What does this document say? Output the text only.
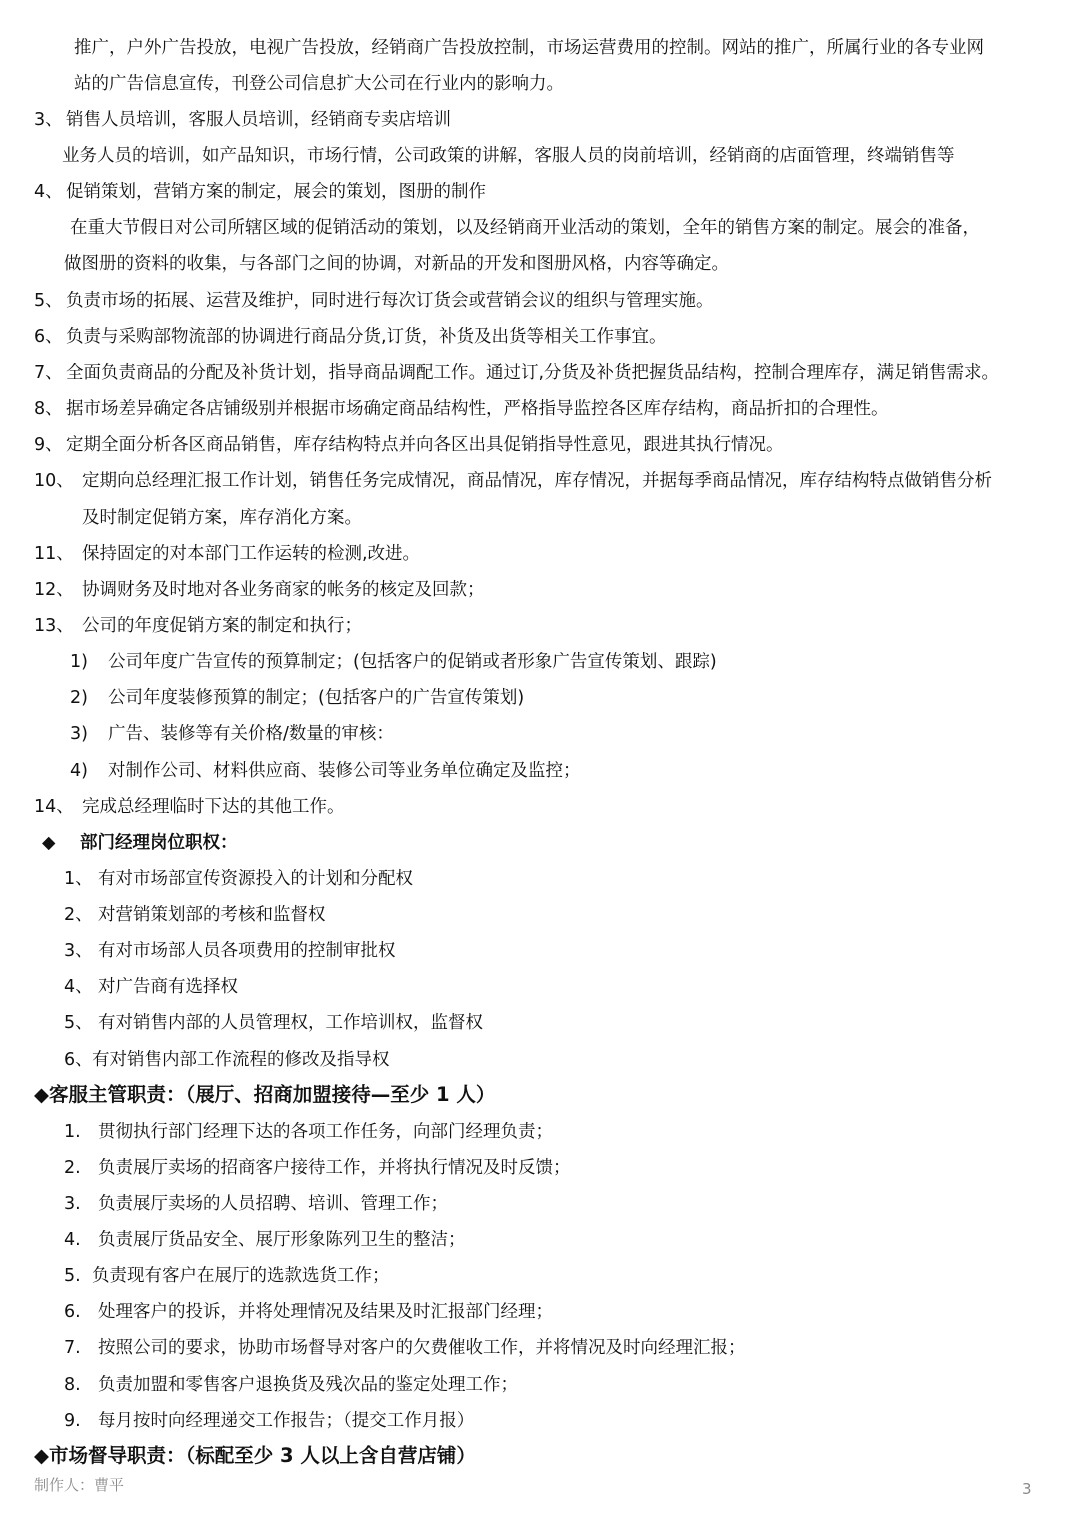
推广，户外广告投放，电视广告投放，经销商广告投放控制，市场运营费用的控制。网站的推广，所属行业的各专业网
站的广告信息宣传，刊登公司信息扩大公司在行业内的影响力。
3、 销售人员培训，客服人员培训，经销商专卖店培训
业务人员的培训，如产品知识，市场行情，公司政策的讲解，客服人员的岗前培训，经销商的店面管理，终端销售等
4、 促销策划，营销方案的制定，展会的策划，图册的制作
在重大节假日对公司所辖区域的促销活动的策划，以及经销商开业活动的策划，全年的销售方案的制定。展会的准备，
做图册的资料的收集，与各部门之间的协调，对新品的开发和图册风格，内容等确定。
5、 负责市场的拓展、运营及维护，同时进行每次订货会或营销会议的组织与管理实施。
6、 负责与采购部物流部的协调进行商品分货,订货，补货及出货等相关工作事宜。
7、 全面负责商品的分配及补货计划，指导商品调配工作。通过订,分货及补货把握货品结构，控制合理库存，满足销售需求。
8、 据市场差异确定各店铺级别并根据市场确定商品结构性，严格指导监控各区库存结构，商品折扣的合理性。
9、 定期全面分析各区商品销售，库存结构特点并向各区出具促销指导性意见，跟进其执行情况。
10、 定期向总经理汇报工作计划，销售任务完成情况，商品情况，库存情况，并据每季商品情况，库存结构特点做销售分析
及时制定促销方案，库存消化方案。
11、 保持固定的对本部门工作运转的检测,改进。
12、 协调财务及时地对各业务商家的帐务的核定及回款；
13、 公司的年度促销方案的制定和执行；
1) 公司年度广告宣传的预算制定；(包括客户的促销或者形象广告宣传策划、跟踪)
2) 公司年度装修预算的制定；(包括客户的广告宣传策划)
3) 广告、装修等有关价格/数量的审核：
4) 对制作公司、材料供应商、装修公司等业务单位确定及监控；
14、 完成总经理临时下达的其他工作。
◆ 部门经理岗位职权：
1、 有对市场部宣传资源投入的计划和分配权
2、 对营销策划部的考核和监督权
3、 有对市场部人员各项费用的控制审批权
4、 对广告商有选择权
5、 有对销售内部的人员管理权，工作培训权，监督权
6、有对销售内部工作流程的修改及指导权
◆客服主管职责：（展厅、招商加盟接待—至少 1 人）
1. 贯彻执行部门经理下达的各项工作任务，向部门经理负责；
2. 负责展厅卖场的招商客户接待工作，并将执行情况及时反馈；
3. 负责展厅卖场的人员招聘、培训、管理工作；
4. 负责展厅货品安全、展厅形象陈列卫生的整洁；
5. 负责现有客户在展厅的选款选货工作；
6. 处理客户的投诉，并将处理情况及结果及时汇报部门经理；
7. 按照公司的要求，协助市场督导对客户的欠费催收工作，并将情况及时向经理汇报；
8. 负责加盟和零售客户退换货及残次品的鉴定处理工作；
9. 每月按时向经理递交工作报告；（提交工作月报）
◆市场督导职责：（标配至少 3 人以上含自营店铺）
制作人：曹平	3
